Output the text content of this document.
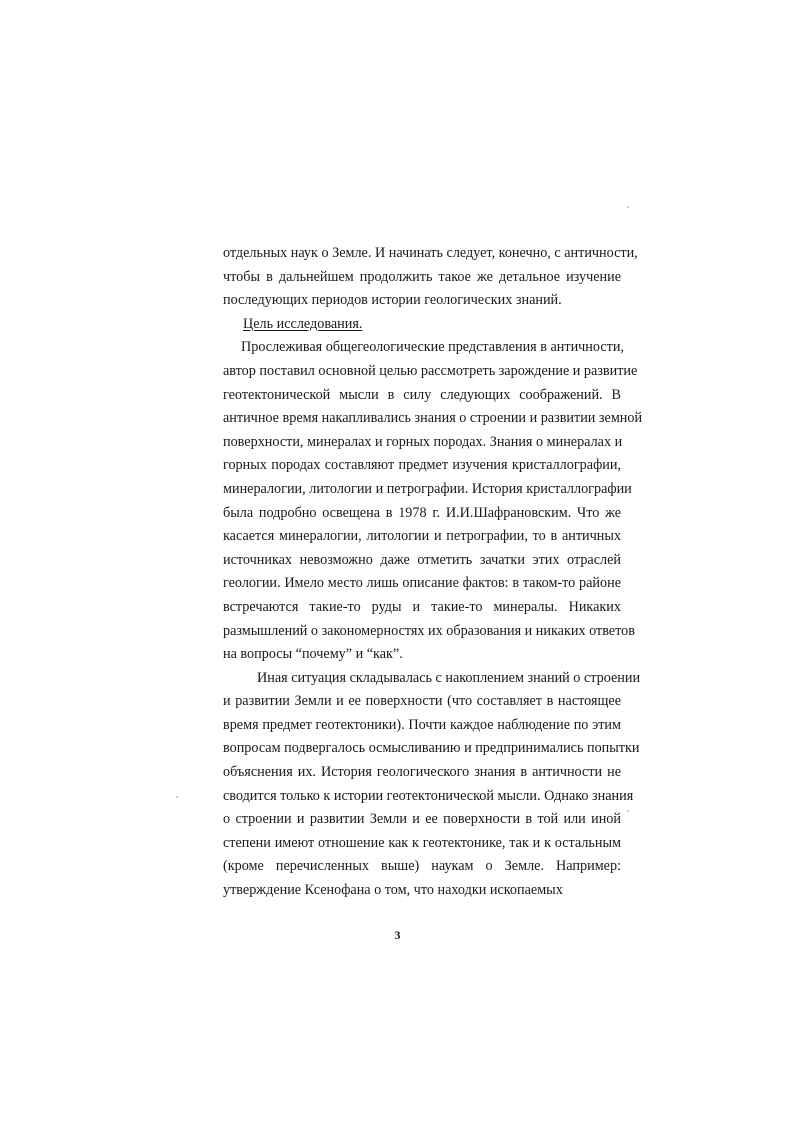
отдельных наук о Земле. И начинать следует, конечно, с античности,
чтобы в дальнейшем продолжить такое же детальное изучение
последующих периодов истории геологических знаний.
Цель исследования.
Прослеживая общегеологические представления в античности,
автор поставил основной целью рассмотреть зарождение и развитие
геотектонической мысли в силу следующих соображений. В
античное время накапливались знания о строении и развитии земной
поверхности, минералах и горных породах. Знания о минералах и
горных породах составляют предмет изучения кристаллографии,
минералогии, литологии и петрографии. История кристаллографии
была подробно освещена в 1978 г. И.И.Шафрановским. Что же
касается минералогии, литологии и петрографии, то в античных
источниках невозможно даже отметить зачатки этих отраслей
геологии. Имело место лишь описание фактов: в таком-то районе
встречаются такие-то руды и такие-то минералы. Никаких
размышлений о закономерностях их образования и никаких ответов
на вопросы “почему” и “как”.
Иная ситуация складывалась с накоплением знаний о строении
и развитии Земли и ее поверхности (что составляет в настоящее
время предмет геотектоники). Почти каждое наблюдение по этим
вопросам подвергалось осмысливанию и предпринимались попытки
объяснения их. История геологического знания в античности не
сводится только к истории геотектонической мысли. Однако знания
о строении и развитии Земли и ее поверхности в той или иной
степени имеют отношение как к геотектонике, так и к остальным
(кроме перечисленных выше) наукам о Земле. Например:
утверждение Ксенофана о том, что находки ископаемых
3
